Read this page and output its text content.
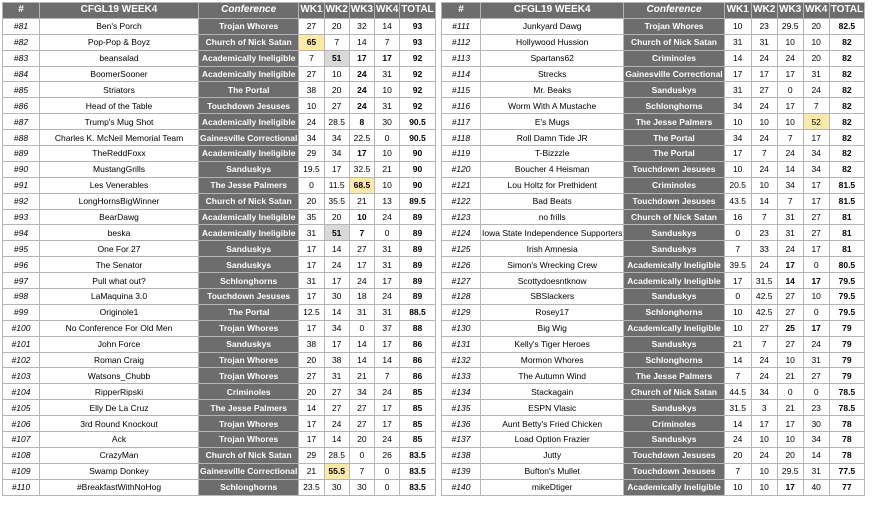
#	CFGL19 WEEK4	Conference	WK1	WK2	WK3	WK4	TOTAL
#81	Ben's Porch	Trojan Whores	27	20	32	14	93
#82	Pop-Pop & Boyz	Church of Nick Satan	65	7	14	7	93
#83	beansalad	Academically Ineligible	7	51	17	17	92
#84	BoomerSooner	Academically Ineligible	27	10	24	31	92
#85	Striators	The Portal	38	20	24	10	92
#86	Head of the Table	Touchdown Jesuses	10	27	24	31	92
#87	Trump's Mug Shot	Academically Ineligible	24	28.5	8	30	90.5
#88	Charles K. McNeil Memorial Team	Gainesville Correctional	34	34	22.5	0	90.5
#89	TheReddFoxx	Academically Ineligible	29	34	17	10	90
#90	MustangGrills	Sanduskys	19.5	17	32.5	21	90
#91	Les Venerables	The Jesse Palmers	0	11.5	68.5	10	90
#92	LongHornsBigWinner	Church of Nick Satan	20	35.5	21	13	89.5
#93	BearDawg	Academically Ineligible	35	20	10	24	89
#94	beska	Academically Ineligible	31	51	7	0	89
#95	One For 27	Sanduskys	17	14	27	31	89
#96	The Senator	Sanduskys	17	24	17	31	89
#97	Pull what out?	Schlonghorns	31	17	24	17	89
#98	LaMaquina 3.0	Touchdown Jesuses	17	30	18	24	89
#99	Originole1	The Portal	12.5	14	31	31	88.5
#100	No Conference For Old Men	Trojan Whores	17	34	0	37	88
#101	John Force	Sanduskys	38	17	14	17	86
#102	Roman Craig	Trojan Whores	20	38	14	14	86
#103	Watsons_Chubb	Trojan Whores	27	31	21	7	86
#104	RipperRipski	Criminoles	20	27	34	24	85
#105	Elly De La Cruz	The Jesse Palmers	14	27	27	17	85
#106	3rd Round Knockout	Trojan Whores	17	24	27	17	85
#107	Ack	Trojan Whores	17	14	20	24	85
#108	CrazyMan	Church of Nick Satan	29	28.5	0	26	83.5
#109	Swamp Donkey	Gainesville Correctional	21	55.5	7	0	83.5
#110	#BreakfastWithNoHog	Schlonghorns	23.5	30	30	0	83.5
#	CFGL19 WEEK4	Conference	WK1	WK2	WK3	WK4	TOTAL
#111	Junkyard Dawg	Trojan Whores	10	23	29.5	20	82.5
#112	Hollywood Hussion	Church of Nick Satan	31	31	10	10	82
#113	Spartans62	Criminoles	14	24	24	20	82
#114	Strecks	Gainesville Correctional	17	17	17	31	82
#115	Mr. Beaks	Sanduskys	31	27	0	24	82
#116	Worm With A Mustache	Schlonghorns	34	24	17	7	82
#117	E's Mugs	The Jesse Palmers	10	10	10	52	82
#118	Roll Damn Tide JR	The Portal	34	24	7	17	82
#119	T-Bizzzle	The Portal	17	7	24	34	82
#120	Boucher 4 Heisman	Touchdown Jesuses	10	24	14	34	82
#121	Lou Holtz for Prethident	Criminoles	20.5	10	34	17	81.5
#122	Bad Beats	Touchdown Jesuses	43.5	14	7	17	81.5
#123	no frills	Church of Nick Satan	16	7	31	27	81
#124	Iowa State Independence Supporters	Sanduskys	0	23	31	27	81
#125	Irish Amnesia	Sanduskys	7	33	24	17	81
#126	Simon's Wrecking Crew	Academically Ineligible	39.5	24	17	0	80.5
#127	Scottydoesntknow	Academically Ineligible	17	31.5	14	17	79.5
#128	SBSlackers	Sanduskys	0	42.5	27	10	79.5
#129	Rosey17	Schlonghorns	10	42.5	27	0	79.5
#130	Big Wig	Academically Ineligible	10	27	25	17	79
#131	Kelly's Tiger Heroes	Sanduskys	21	7	27	24	79
#132	Mormon Whores	Schlonghorns	14	24	10	31	79
#133	The Autumn Wind	The Jesse Palmers	7	24	21	27	79
#134	Stackagain	Church of Nick Satan	44.5	34	0	0	78.5
#135	ESPN Vlasic	Sanduskys	31.5	3	21	23	78.5
#136	Aunt Betty's Fried Chicken	Criminoles	14	17	17	30	78
#137	Load Option Frazier	Sanduskys	24	10	10	34	78
#138	Jutty	Touchdown Jesuses	20	24	20	14	78
#139	Bufton's Mullet	Touchdown Jesuses	7	10	29.5	31	77.5
#140	mikeDtiger	Academically Ineligible	10	10	17	40	77
